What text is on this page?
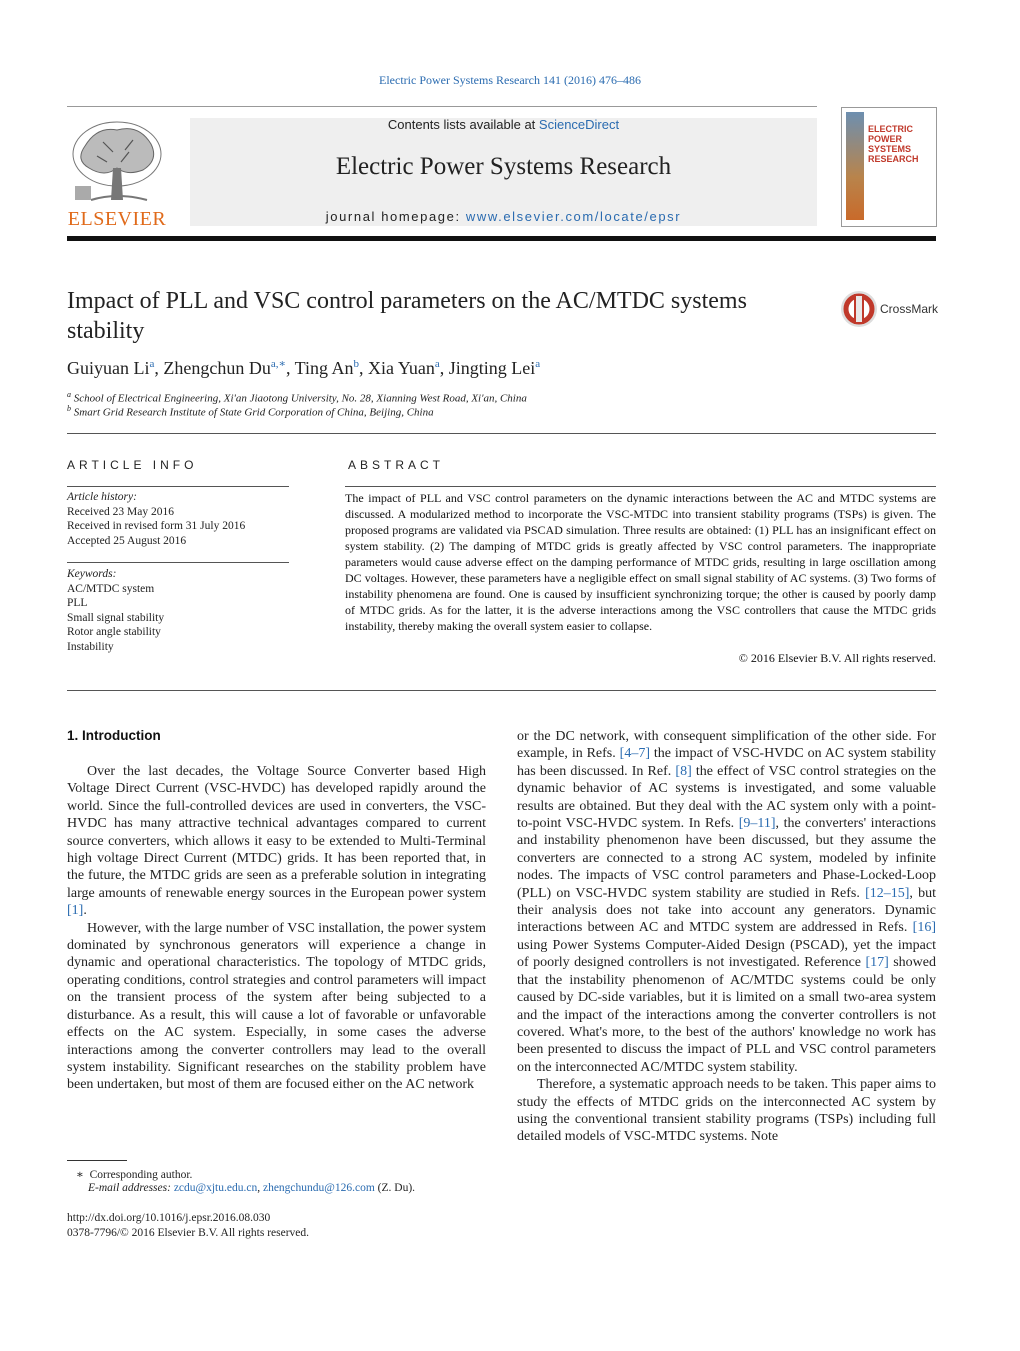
Electric Power Systems Research 141 (2016) 476–486
ELSEVIER
Contents lists available at ScienceDirect
Electric Power Systems Research
journal homepage: www.elsevier.com/locate/epsr
ELECTRIC POWER SYSTEMS RESEARCH
Impact of PLL and VSC control parameters on the AC/MTDC systems stability
CrossMark
Guiyuan Li$^a$, Zhengchun $Du^{a,∗}$, Ting An$^b$, Xia Yuan$^a$, Jingting Lei$^a$
$^a$ School of Electrical Engineering, Xi'an Jiaotong University, No. 28, Xianning West Road, Xi'an, China
$^b$ Smart Grid Research Institute of State Grid Corporation of China, Beijing, China
ARTICLE INFO
Article history:
Received 23 May 2016
Received in revised form 31 July 2016
Accepted 25 August 2016
Keywords:
AC/MTDC system
PLL
Small signal stability
Rotor angle stability
Instability
ABSTRACT
The impact of PLL and VSC control parameters on the dynamic interactions between the AC and MTDC systems are discussed. A modularized method to incorporate the VSC-MTDC into transient stability programs (TSPs) is given. The proposed programs are validated via PSCAD simulation. Three results are obtained: (1) PLL has an insignificant effect on system stability. (2) The damping of MTDC grids is greatly affected by VSC control parameters. The inappropriate parameters would cause adverse effect on the damping performance of MTDC grids, resulting in large oscillation among DC voltages. However, these parameters have a negligible effect on small signal stability of AC systems. (3) Two forms of instability phenomena are found. One is caused by insufficient synchronizing torque; the other is caused by poorly damp of MTDC grids. As for the latter, it is the adverse interactions among the VSC controllers that cause the MTDC grids instability, thereby making the overall system easier to collapse.
© 2016 Elsevier B.V. All rights reserved.
1. Introduction

Over the last decades, the Voltage Source Converter based High Voltage Direct Current (VSC-HVDC) has developed rapidly around the world. Since the full-controlled devices are used in converters, the VSC-HVDC has many attractive technical advantages compared to current source converters, which allows it easy to be extended to Multi-Terminal high voltage Direct Current (MTDC) grids. It has been reported that, in the future, the MTDC grids are seen as a preferable solution in integrating large amounts of renewable energy sources in the European power system [1].

However, with the large number of VSC installation, the power system dominated by synchronous generators will experience a change in dynamic and operational characteristics. The topology of MTDC grids, operating conditions, control strategies and control parameters will impact on the transient process of the system after being subjected to a disturbance. As a result, this will cause a lot of favorable or unfavorable effects on the AC system. Especially, in some cases the adverse interactions among the converter controllers may lead to the overall system instability. Significant researches on the stability problem have been undertaken, but most of them are focused either on the AC network

or the DC network, with consequent simplification of the other side. For example, in Refs. [4–7] the impact of VSC-HVDC on AC system stability has been discussed. In Ref. [8] the effect of VSC control strategies on the dynamic behavior of AC systems is investigated, and some valuable results are obtained. But they deal with the AC system only with a point-to-point VSC-HVDC system. In Refs. [9–11], the converters' interactions and instability phenomenon have been discussed, but they assume the converters are connected to a strong AC system, modeled by infinite nodes. The impacts of VSC control parameters and Phase-Locked-Loop (PLL) on VSC-HVDC system stability are studied in Refs. [12–15], but their analysis does not take into account any generators. Dynamic interactions between AC and MTDC system are addressed in Refs. [16] using Power Systems Computer-Aided Design (PSCAD), yet the impact of poorly designed controllers is not investigated. Reference [17] showed that the instability phenomenon of AC/MTDC systems could be only caused by DC-side variables, but it is limited on a small two-area system and the impact of the interactions among the converter controllers is not covered. What's more, to the best of the authors' knowledge no work has been presented to discuss the impact of PLL and VSC control parameters on the interconnected AC/MTDC system stability.

Therefore, a systematic approach needs to be taken. This paper aims to study the effects of MTDC grids on the interconnected AC system by using the conventional transient stability programs (TSPs) including full detailed models of VSC-MTDC systems. Note

∗ Corresponding author.
E-mail addresses: zcdu@xjtu.edu.cn, zhengchundu@126.com (Z. Du).
http://dx.doi.org/10.1016/j.epsr.2016.08.030
0378-7796/© 2016 Elsevier B.V. All rights reserved.
